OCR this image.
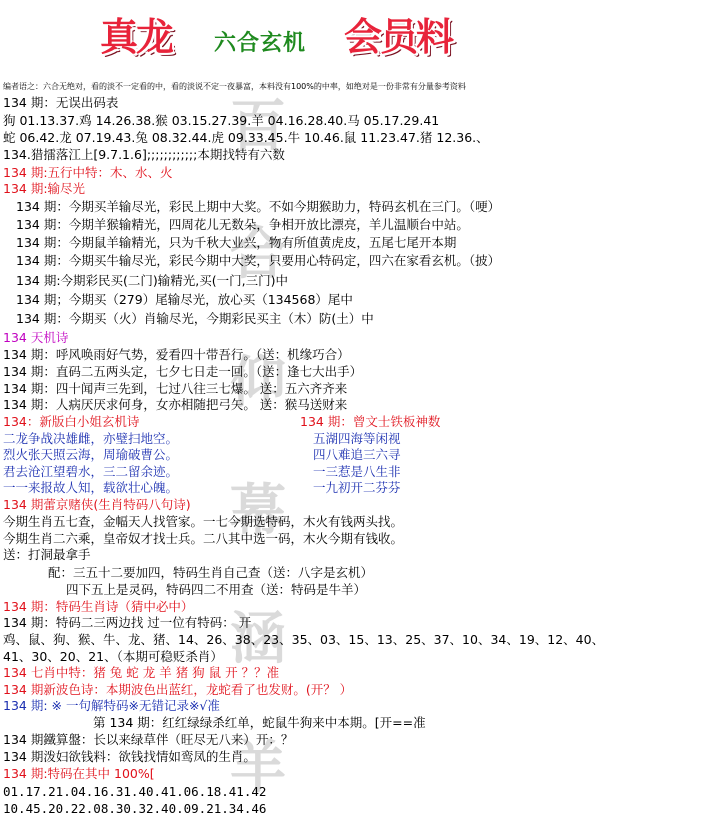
百
合
仰
幕
涵
羊
真龙 六合玄机 会员料
编者语之：六合无绝对，看的淡不一定看的中，看的淡说不定一夜暴富，本料没有100%的中率，如绝对是一份非常有分量参考资料
134 期：无误出码表
狗 01.13.37.鸡 14.26.38.猴 03.15.27.39.羊 04.16.28.40.马 05.17.29.41
蛇 06.42.龙 07.19.43.兔 08.32.44.虎 09.33.45.牛 10.46.鼠 11.23.47.猪 12.36.、
134.猎擂落江上[9.7.1.6];;;;;;;;;;;;本期找特有六数
134 期:五行中特：木、水、火
134 期:输尽光
134 期：今期买羊输尽光，彩民上期中大奖。不如今期猴助力，特码玄机在三门。（哽）
134 期：今期羊猴输精光，四周花儿无数朵，争相开放比漂亮，羊儿温顺台中站。
134 期：今期鼠羊输精光，只为千秋大业兴，物有所值黄虎皮，五尾七尾开本期
134 期：今期买牛输尽光，彩民今期中大奖，只要用心特码定，四六在家看玄机。（披）
134 期:今期彩民买(二门)输精光,买(一门,三门)中
134 期；今期买（279）尾输尽光，放心买（134568）尾中
134 期：今期买（火）肖输尽光，今期彩民买主（木）防(土）中
134 天机诗
134 期：呼风唤雨好气势，爱看四十带吾行。（送：机缘巧合）
134 期：直码二五两头定，七夕七日走一回。（送：逢七大出手）
134 期：四十闻声三先到，七过八往三七爆。 送：五六齐齐来
134 期：人病厌厌求何身，女亦相随把弓矢。 送：猴马送财来
134：新版白小姐玄机诗	134 期：曾文士铁板神数
二龙争战决雄雌，亦璧扫地空。	五湖四海等闲视
烈火张天照云海，周瑜破曹公。	四八难追三六寻
君去沧江望碧水，三二留余迹。	一三惹是八生非
一一来报故人知，载欲壮心魄。	一九初开二芬芬
134 期蕾京赌侠(生肖特码八句诗)
今期生肖五七查，金幅天人找管家。一七今期选特码，木火有钱两头找。
今期生肖二六乘，皇帝奴才找士兵。二八其中选一码，木火今期有钱收。
送：打洞最拿手
配：三五十二要加四，特码生肖自己查（送：八字是玄机）
四下五上是灵码，特码四二不用查（送：特码是牛羊）
134 期：特码生肖诗（猜中必中）
134 期：特码二三两边找 过一位有特码： 开
鸡、鼠、狗、猴、牛、龙、猪、14、26、38、23、35、03、15、13、25、37、10、34、19、12、40、
41、30、20、21、（本期可稳贬杀肖）
134 七肖中特：猪 兔 蛇 龙 羊 猪 狗 鼠 开 ？？准
134 期新波色诗：本期波色出蓝红，龙蛇看了也发财。(开？ ）
134 期: ※ 一句解特码※无错记录※√准
第 134 期：红红绿绿杀红单，蛇鼠牛狗来中本期。[开==准
134 期鐵算盤：长以来绿草伴（旺尽无八来）开：？
134 期泼妇欲钱料：欲钱找情如鸾凤的生肖。
134 期:特码在其中 100%[
01.17.21.04.16.31.40.41.06.18.41.42
10.45.20.22.08.30.32.40.09.21.34.46
